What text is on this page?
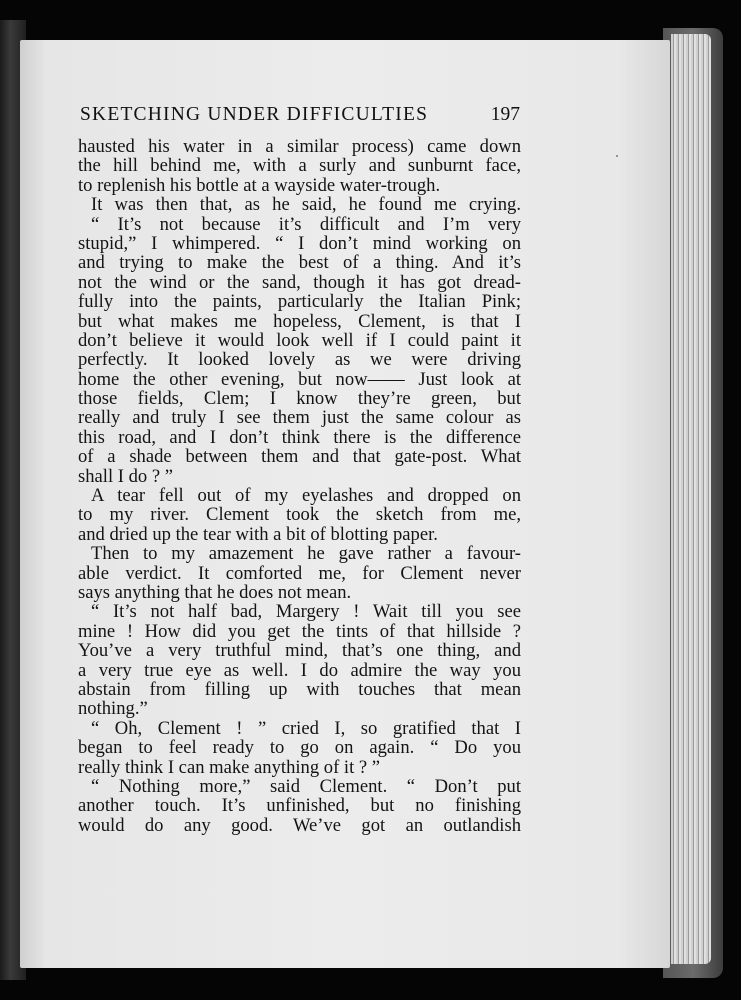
SKETCHING UNDER DIFFICULTIES	197
hausted his water in a similar process) came down
the hill behind me, with a surly and sunburnt face,
to replenish his bottle at a wayside water-trough.
It was then that, as he said, he found me crying.
“ It’s not because it’s difficult and I’m very
stupid,” I whimpered. “ I don’t mind working on
and trying to make the best of a thing. And it’s
not the wind or the sand, though it has got dread-
fully into the paints, particularly the Italian Pink;
but what makes me hopeless, Clement, is that I
don’t believe it would look well if I could paint it
perfectly. It looked lovely as we were driving
home the other evening, but now—— Just look at
those fields, Clem; I know they’re green, but
really and truly I see them just the same colour as
this road, and I don’t think there is the difference
of a shade between them and that gate-post. What
shall I do ? ”
A tear fell out of my eyelashes and dropped on
to my river. Clement took the sketch from me,
and dried up the tear with a bit of blotting paper.
Then to my amazement he gave rather a favour-
able verdict. It comforted me, for Clement never
says anything that he does not mean.
“ It’s not half bad, Margery ! Wait till you see
mine ! How did you get the tints of that hillside ?
You’ve a very truthful mind, that’s one thing, and
a very true eye as well. I do admire the way you
abstain from filling up with touches that mean
nothing.”
“ Oh, Clement ! ” cried I, so gratified that I
began to feel ready to go on again. “ Do you
really think I can make anything of it ? ”
“ Nothing more,” said Clement. “ Don’t put
another touch. It’s unfinished, but no finishing
would do any good. We’ve got an outlandish
